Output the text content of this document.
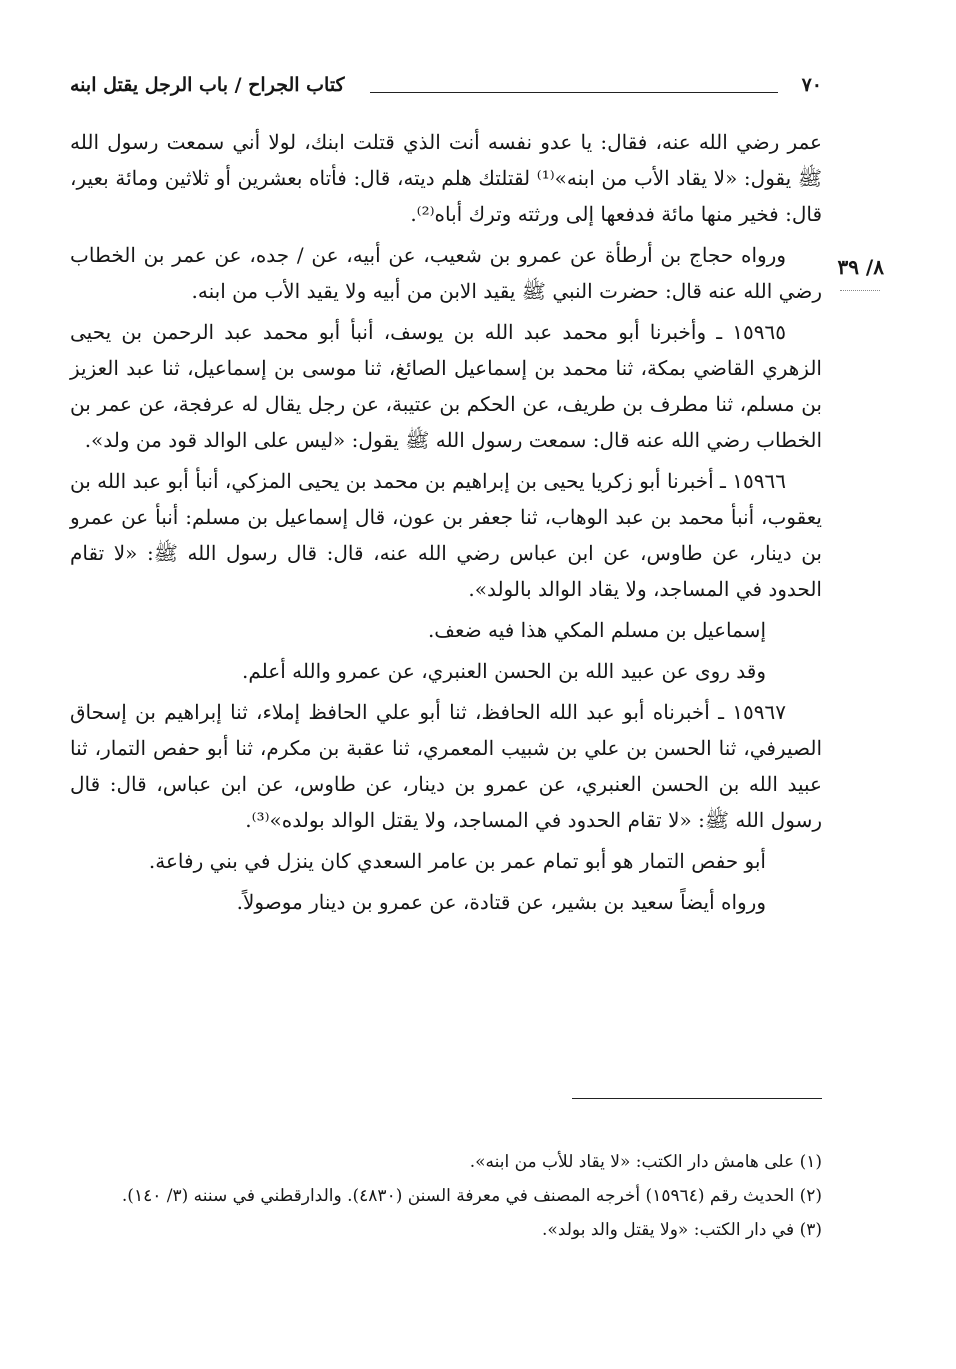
٧٠
كتاب الجراح / باب الرجل يقتل ابنه
٨/ ٣٩

عمر رضي الله عنه، فقال: يا عدو نفسه أنت الذي قتلت ابنك، لولا أني سمعت رسول الله ﷺ يقول: «لا يقاد الأب من ابنه»⁽¹⁾ لقتلتك هلم ديته، قال: فأتاه بعشرين أو ثلاثين ومائة بعير، قال: فخير منها مائة فدفعها إلى ورثته وترك أباه⁽²⁾.

ورواه حجاج بن أرطأة عن عمرو بن شعيب، عن أبيه، عن / جده، عن عمر بن الخطاب رضي الله عنه قال: حضرت النبي ﷺ يقيد الابن من أبيه ولا يقيد الأب من ابنه.

١٥٩٦٥ ـ وأخبرنا أبو محمد عبد الله بن يوسف، أنبأ أبو محمد عبد الرحمن بن يحيى الزهري القاضي بمكة، ثنا محمد بن إسماعيل الصائغ، ثنا موسى بن إسماعيل، ثنا عبد العزيز بن مسلم، ثنا مطرف بن طريف، عن الحكم بن عتيبة، عن رجل يقال له عرفجة، عن عمر بن الخطاب رضي الله عنه قال: سمعت رسول الله ﷺ يقول: «ليس على الوالد قود من ولد».

١٥٩٦٦ ـ أخبرنا أبو زكريا يحيى بن إبراهيم بن محمد بن يحيى المزكي، أنبأ أبو عبد الله بن يعقوب، أنبأ محمد بن عبد الوهاب، ثنا جعفر بن عون، قال إسماعيل بن مسلم: أنبأ عن عمرو بن دينار، عن طاوس، عن ابن عباس رضي الله عنه، قال: قال رسول الله ﷺ: «لا تقام الحدود في المساجد، ولا يقاد الوالد بالولد».

إسماعيل بن مسلم المكي هذا فيه ضعف.

وقد روى عن عبيد الله بن الحسن العنبري، عن عمرو والله أعلم.

١٥٩٦٧ ـ أخبرناه أبو عبد الله الحافظ، ثنا أبو علي الحافظ إملاء، ثنا إبراهيم بن إسحاق الصيرفي، ثنا الحسن بن علي بن شبيب المعمري، ثنا عقبة بن مكرم، ثنا أبو حفص التمار، ثنا عبيد الله بن الحسن العنبري، عن عمرو بن دينار، عن طاوس، عن ابن عباس، قال: قال رسول الله ﷺ: «لا تقام الحدود في المساجد، ولا يقتل الوالد بولده»⁽³⁾.

أبو حفص التمار هو أبو تمام عمر بن عامر السعدي كان ينزل في بني رفاعة.

ورواه أيضاً سعيد بن بشير، عن قتادة، عن عمرو بن دينار موصولاً.

(١) على هامش دار الكتب: «لا يقاد للأب من ابنه».

(٢) الحديث رقم (١٥٩٦٤) أخرجه المصنف في معرفة السنن (٤٨٣٠). والدارقطني في سننه (٣/ ١٤٠).

(٣) في دار الكتب: «ولا يقتل والد بولد».
